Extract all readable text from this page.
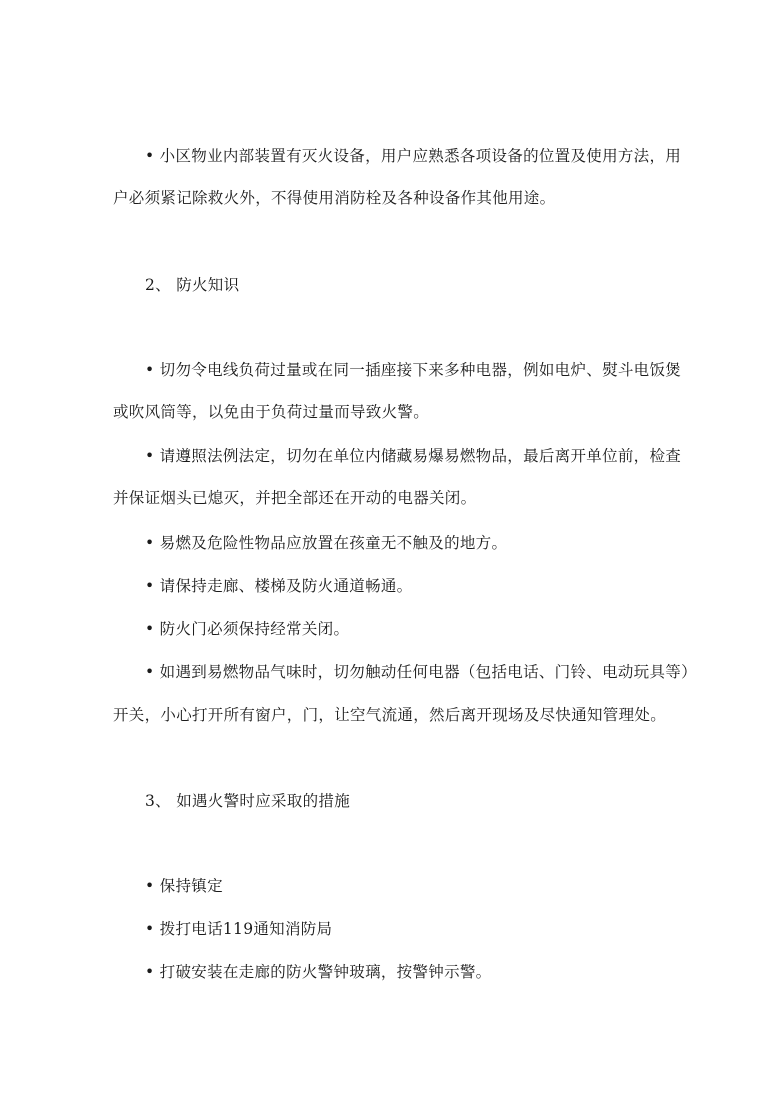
• 小区物业内部装置有灭火设备，用户应熟悉各项设备的位置及使用方法，用
户必须紧记除救火外，不得使用消防栓及各种设备作其他用途。
2、 防火知识
• 切勿令电线负荷过量或在同一插座接下来多种电器，例如电炉、熨斗电饭煲
或吹风筒等，以免由于负荷过量而导致火警。
• 请遵照法例法定，切勿在单位内储藏易爆易燃物品，最后离开单位前，检查
并保证烟头已熄灭，并把全部还在开动的电器关闭。
• 易燃及危险性物品应放置在孩童无不触及的地方。
• 请保持走廊、楼梯及防火通道畅通。
• 防火门必须保持经常关闭。
• 如遇到易燃物品气味时，切勿触动任何电器（包括电话、门铃、电动玩具等）
开关，小心打开所有窗户，门，让空气流通，然后离开现场及尽快通知管理处。
3、 如遇火警时应采取的措施
• 保持镇定
• 拨打电话119通知消防局
• 打破安装在走廊的防火警钟玻璃，按警钟示警。
